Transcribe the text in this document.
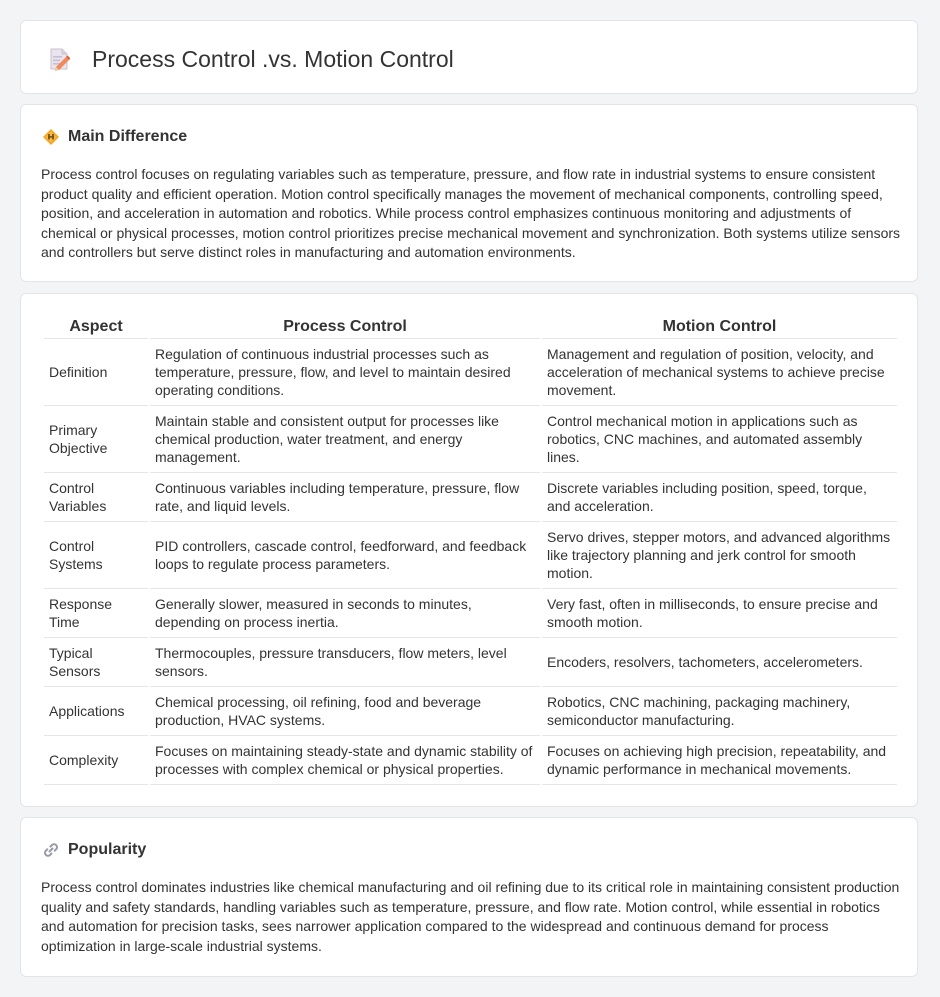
Process Control .vs. Motion Control
Main Difference

Process control focuses on regulating variables such as temperature, pressure, and flow rate in industrial systems to ensure consistent product quality and efficient operation. Motion control specifically manages the movement of mechanical components, controlling speed, position, and acceleration in automation and robotics. While process control emphasizes continuous monitoring and adjustments of chemical or physical processes, motion control prioritizes precise mechanical movement and synchronization. Both systems utilize sensors and controllers but serve distinct roles in manufacturing and automation environments.

Aspect	Process Control	Motion Control
Definition	Regulation of continuous industrial processes such as temperature, pressure, flow, and level to maintain desired operating conditions.	Management and regulation of position, velocity, and acceleration of mechanical systems to achieve precise movement.
Primary Objective	Maintain stable and consistent output for processes like chemical production, water treatment, and energy management.	Control mechanical motion in applications such as robotics, CNC machines, and automated assembly lines.
Control Variables	Continuous variables including temperature, pressure, flow rate, and liquid levels.	Discrete variables including position, speed, torque, and acceleration.
Control Systems	PID controllers, cascade control, feedforward, and feedback loops to regulate process parameters.	Servo drives, stepper motors, and advanced algorithms like trajectory planning and jerk control for smooth motion.
Response Time	Generally slower, measured in seconds to minutes, depending on process inertia.	Very fast, often in milliseconds, to ensure precise and smooth motion.
Typical Sensors	Thermocouples, pressure transducers, flow meters, level sensors.	Encoders, resolvers, tachometers, accelerometers.
Applications	Chemical processing, oil refining, food and beverage production, HVAC systems.	Robotics, CNC machining, packaging machinery, semiconductor manufacturing.
Complexity	Focuses on maintaining steady-state and dynamic stability of processes with complex chemical or physical properties.	Focuses on achieving high precision, repeatability, and dynamic performance in mechanical movements.
Popularity

Process control dominates industries like chemical manufacturing and oil refining due to its critical role in maintaining consistent production quality and safety standards, handling variables such as temperature, pressure, and flow rate. Motion control, while essential in robotics and automation for precision tasks, sees narrower application compared to the widespread and continuous demand for process optimization in large-scale industrial systems.
